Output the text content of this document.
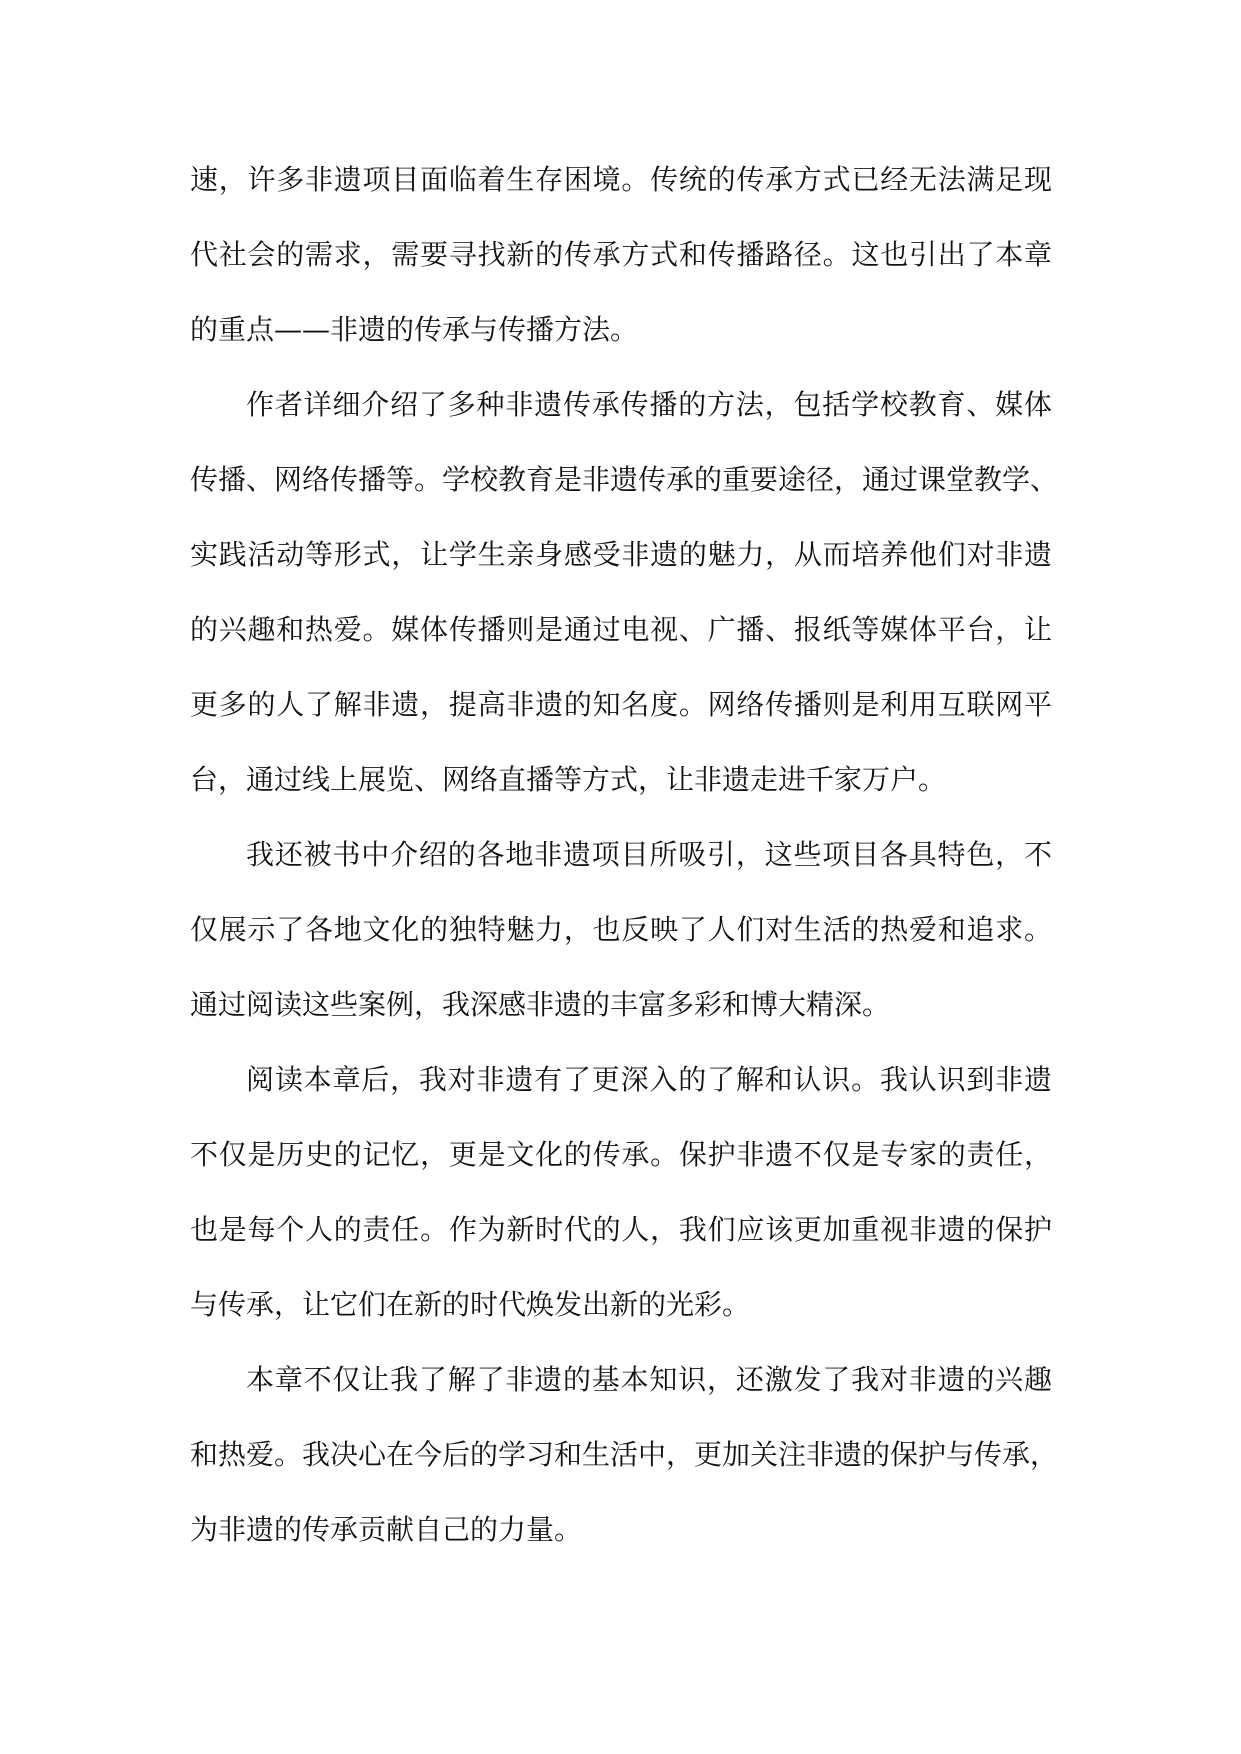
速，许多非遗项目面临着生存困境。传统的传承方式已经无法满足现
代社会的需求，需要寻找新的传承方式和传播路径。这也引出了本章
的重点——非遗的传承与传播方法。
作者详细介绍了多种非遗传承传播的方法，包括学校教育、媒体
传播、网络传播等。学校教育是非遗传承的重要途径，通过课堂教学、
实践活动等形式，让学生亲身感受非遗的魅力，从而培养他们对非遗
的兴趣和热爱。媒体传播则是通过电视、广播、报纸等媒体平台，让
更多的人了解非遗，提高非遗的知名度。网络传播则是利用互联网平
台，通过线上展览、网络直播等方式，让非遗走进千家万户。
我还被书中介绍的各地非遗项目所吸引，这些项目各具特色，不
仅展示了各地文化的独特魅力，也反映了人们对生活的热爱和追求。
通过阅读这些案例，我深感非遗的丰富多彩和博大精深。
阅读本章后，我对非遗有了更深入的了解和认识。我认识到非遗
不仅是历史的记忆，更是文化的传承。保护非遗不仅是专家的责任，
也是每个人的责任。作为新时代的人，我们应该更加重视非遗的保护
与传承，让它们在新的时代焕发出新的光彩。
本章不仅让我了解了非遗的基本知识，还激发了我对非遗的兴趣
和热爱。我决心在今后的学习和生活中，更加关注非遗的保护与传承，
为非遗的传承贡献自己的力量。
